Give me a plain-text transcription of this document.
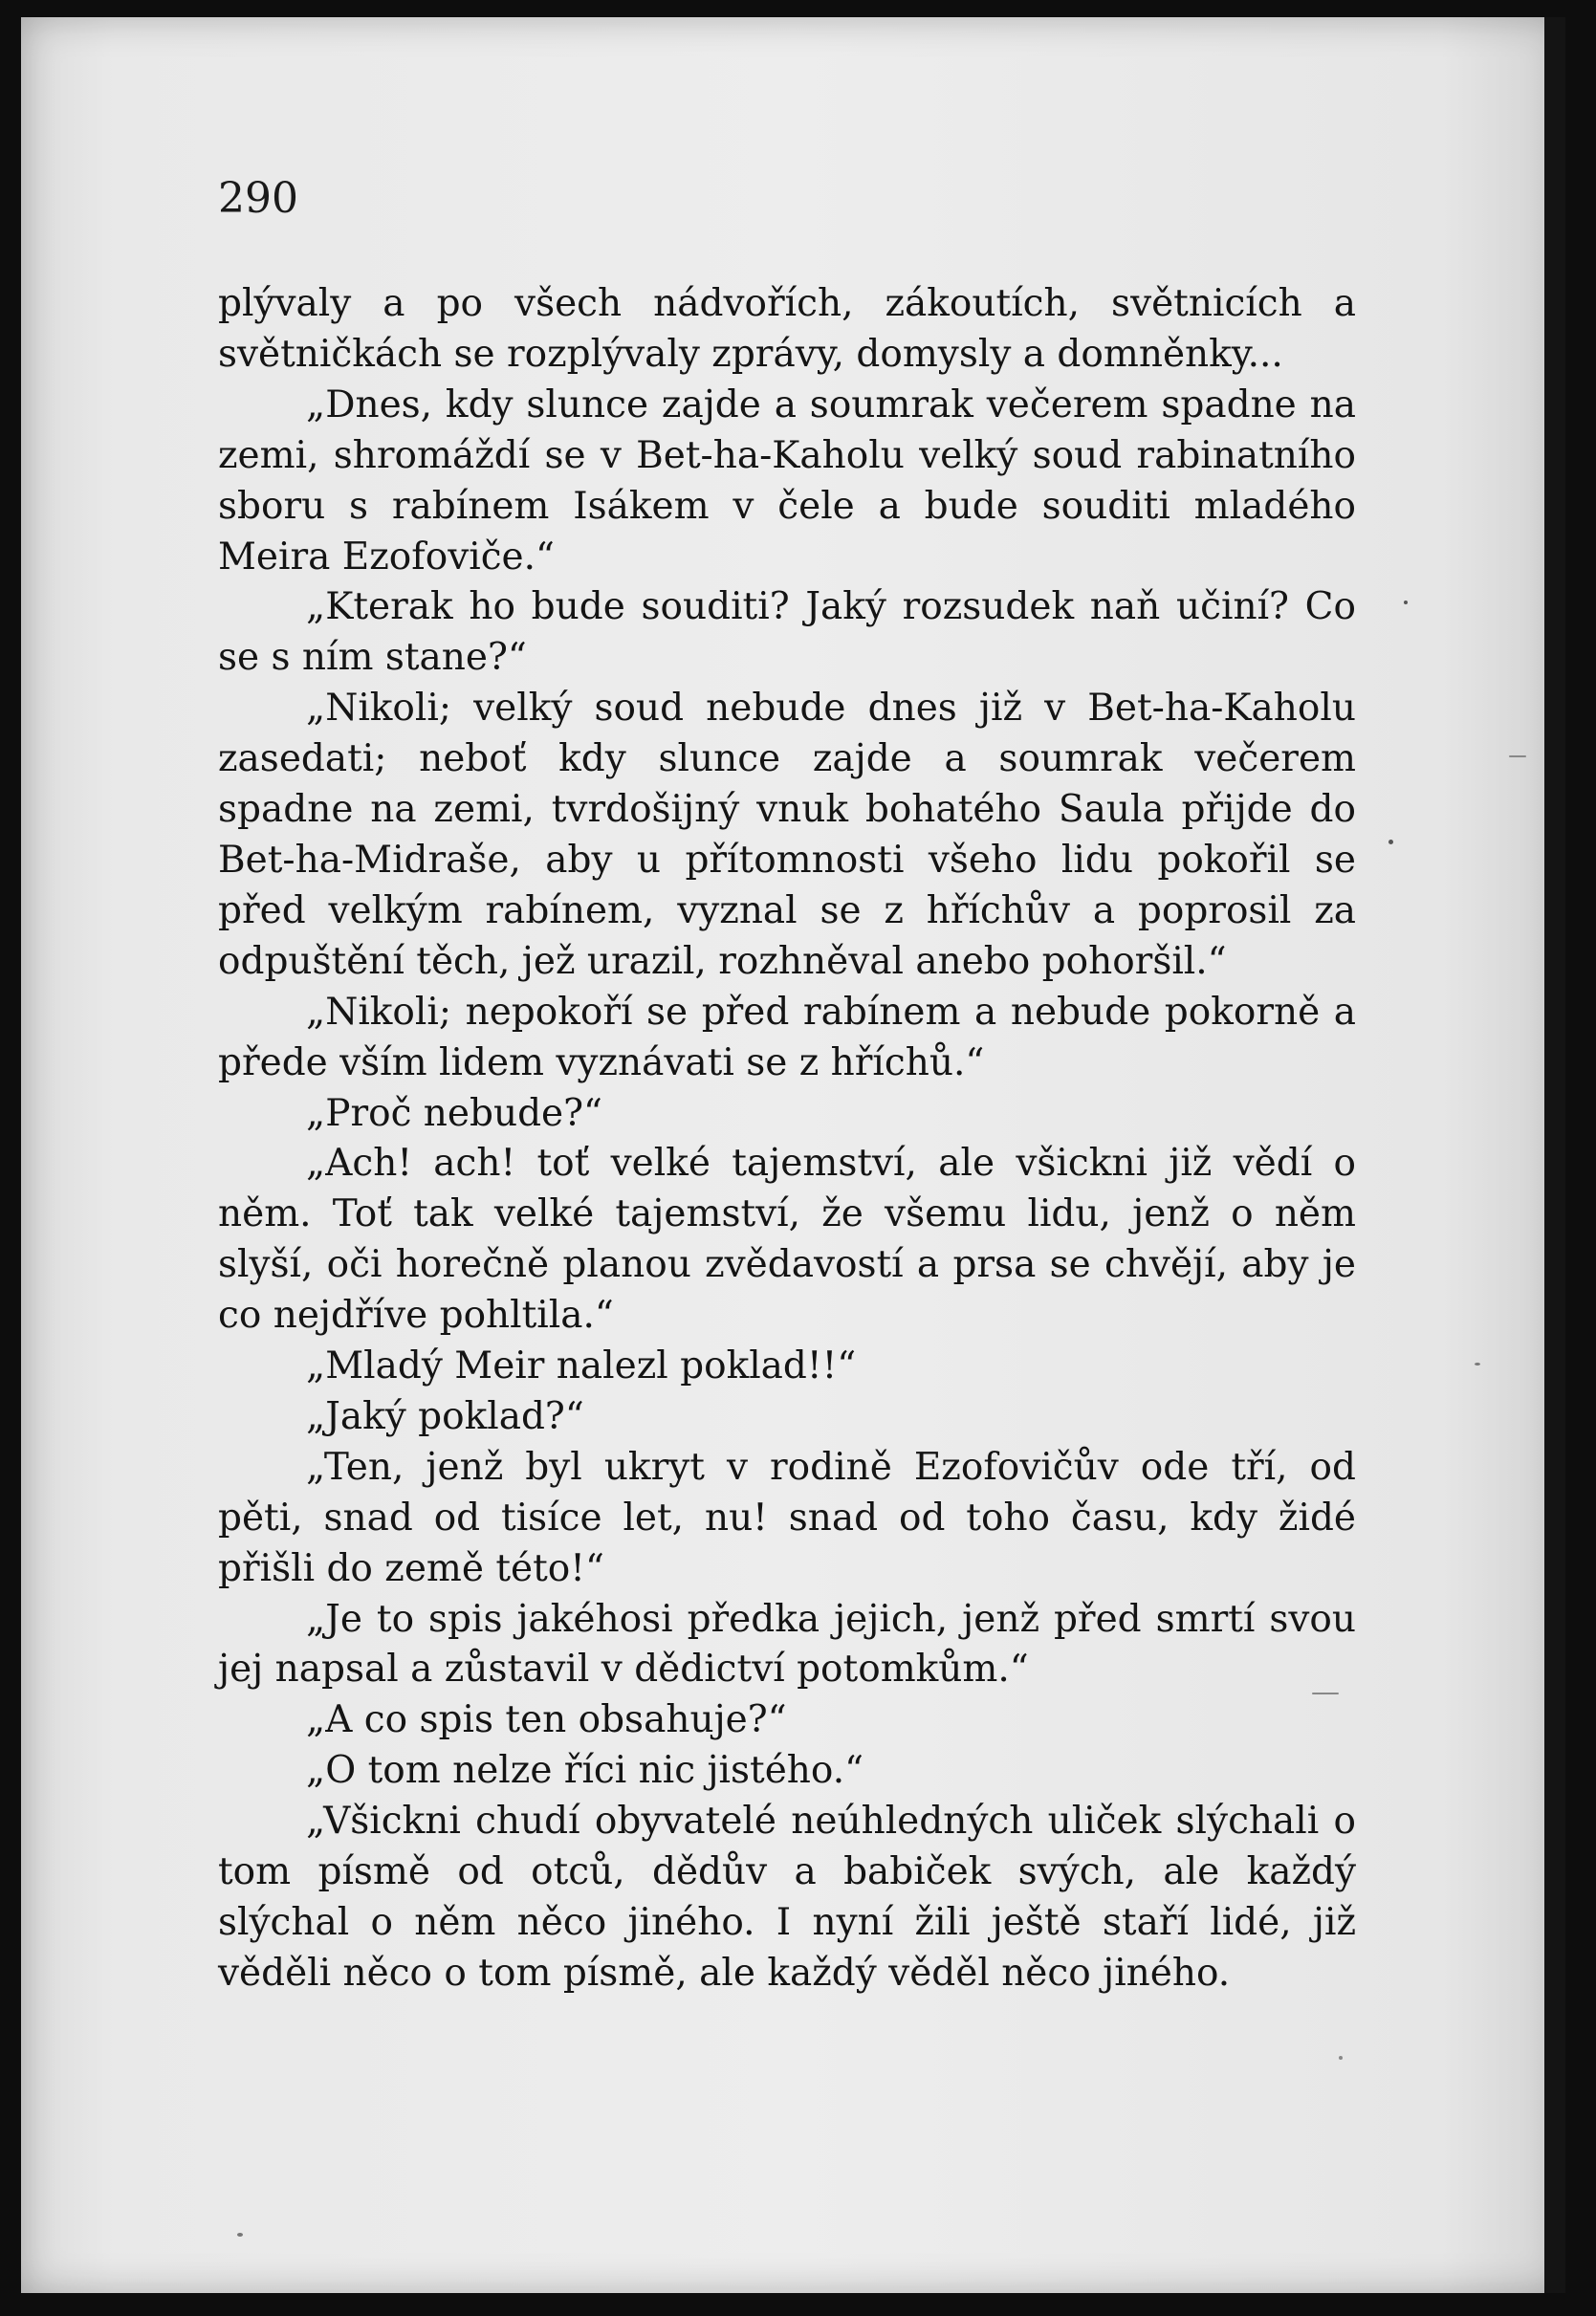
290

plývaly a po všech nádvořích, zákoutích, světnicích a světničkách se rozplývaly zprávy, domysly a domněnky...

„Dnes, kdy slunce zajde a soumrak večerem spadne na zemi, shromáždí se v Bet-ha-Kaholu velký soud rabinatního sboru s rabínem Isákem v čele a bude souditi mladého Meira Ezofoviče.“

„Kterak ho bude souditi? Jaký rozsudek naň učiní? Co se s ním stane?“

„Nikoli; velký soud nebude dnes již v Bet-ha-Kaholu zasedati; neboť kdy slunce zajde a soumrak večerem spadne na zemi, tvrdošijný vnuk bohatého Saula přijde do Bet-ha-Midraše, aby u přítomnosti všeho lidu pokořil se před velkým rabínem, vyznal se z hříchův a poprosil za odpuštění těch, jež urazil, rozhněval anebo pohoršil.“

„Nikoli; nepokoří se před rabínem a nebude pokorně a přede vším lidem vyznávati se z hříchů.“

„Proč nebude?“

„Ach! ach! toť velké tajemství, ale všickni již vědí o něm. Toť tak velké tajemství, že všemu lidu, jenž o něm slyší, oči horečně planou zvědavostí a prsa se chvějí, aby je co nejdříve pohltila.“

„Mladý Meir nalezl poklad!!“

„Jaký poklad?“

„Ten, jenž byl ukryt v rodině Ezofovičův ode tří, od pěti, snad od tisíce let, nu! snad od toho času, kdy židé přišli do země této!“

„Je to spis jakéhosi předka jejich, jenž před smrtí svou jej napsal a zůstavil v dědictví potomkům.“

„A co spis ten obsahuje?“

„O tom nelze říci nic jistého.“

„Všickni chudí obyvatelé neúhledných uliček slýchali o tom písmě od otců, dědův a babiček svých, ale každý slýchal o něm něco jiného. I nyní žili ještě staří lidé, již věděli něco o tom písmě, ale každý věděl něco jiného.
